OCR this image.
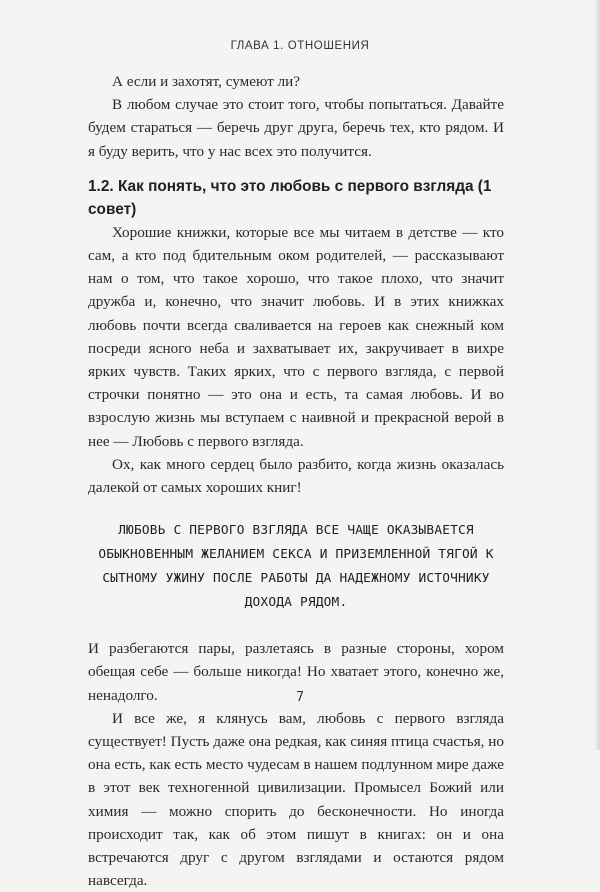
ГЛАВА 1. ОТНОШЕНИЯ

А если и захотят, сумеют ли?

В любом случае это стоит того, чтобы попытаться. Давайте будем стараться — беречь друг друга, беречь тех, кто рядом. И я буду верить, что у нас всех это получится.

1.2. Как понять, что это любовь с первого взгляда (1 совет)

Хорошие книжки, которые все мы читаем в детстве — кто сам, а кто под бдительным оком родителей, — рассказывают нам о том, что такое хорошо, что такое плохо, что значит дружба и, конечно, что значит любовь. И в этих книжках любовь почти всегда сваливается на героев как снежный ком посреди ясного неба и захватывает их, закручивает в вихре ярких чувств. Таких ярких, что с первого взгляда, с первой строчки понятно — это она и есть, та самая любовь. И во взрослую жизнь мы вступаем с наивной и прекрасной верой в нее — Любовь с первого взгляда.

Ох, как много сердец было разбито, когда жизнь оказалась далекой от самых хороших книг!

ЛЮБОВЬ С ПЕРВОГО ВЗГЛЯДА ВСЕ ЧАЩЕ ОКАЗЫВАЕТСЯ ОБЫКНОВЕННЫМ ЖЕЛАНИЕМ СЕКСА И ПРИЗЕМЛЕННОЙ ТЯГОЙ К СЫТНОМУ УЖИНУ ПОСЛЕ РАБОТЫ ДА НАДЕЖНОМУ ИСТОЧНИКУ ДОХОДА РЯДОМ.

И разбегаются пары, разлетаясь в разные стороны, хором обещая себе — больше никогда! Но хватает этого, конечно же, ненадолго.

И все же, я клянусь вам, любовь с первого взгляда существует! Пусть даже она редкая, как синяя птица счастья, но она есть, как есть место чудесам в нашем подлунном мире даже в этот век техногенной цивилизации. Промысел Божий или химия — можно спорить до бесконечности. Но иногда происходит так, как об этом пишут в книгах: он и она встречаются друг с другом взглядами и остаются рядом навсегда.

7
